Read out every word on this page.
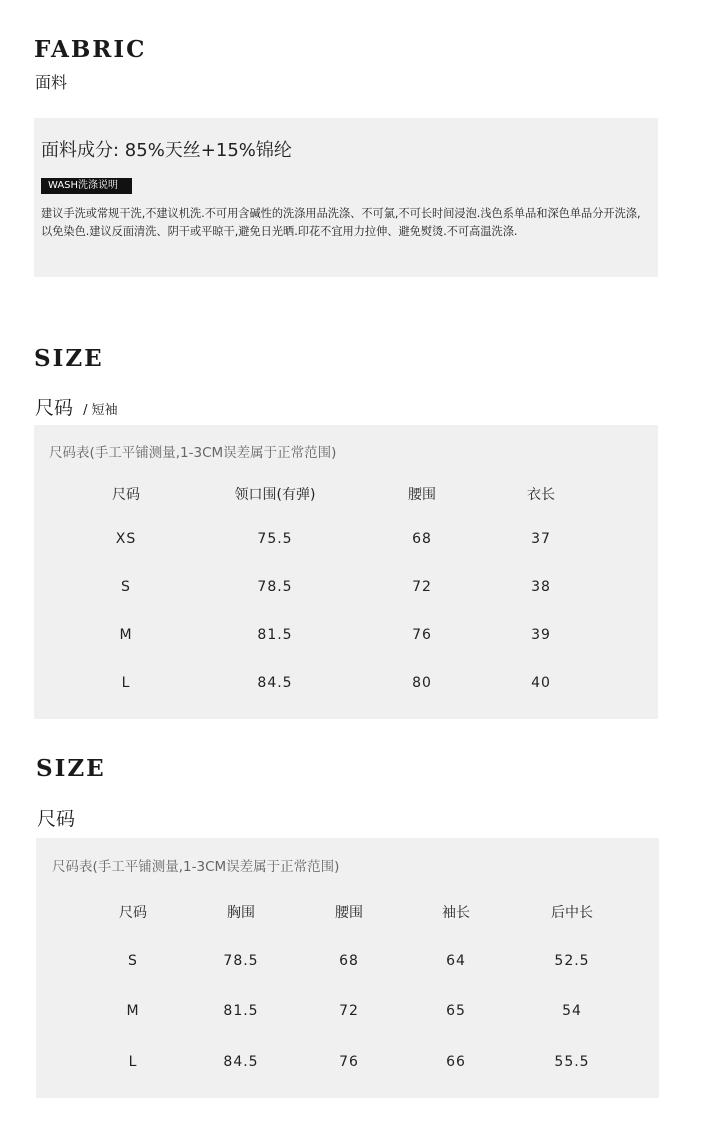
FABRIC
面料
面料成分: 85%天丝+15%锦纶
WASH洗涤说明
建议手洗或常规干洗,不建议机洗.不可用含碱性的洗涤用品洗涤、不可氯,不可长时间浸泡.浅色系单品和深色单品分开洗涤,以免染色.建议反面清洗、阴干或平晾干,避免日光晒.印花不宜用力拉伸、避免熨烫.不可高温洗涤.
SIZE
尺码 / 短袖
尺码表(手工平铺测量,1-3CM误差属于正常范围)
尺码	领口围(有弹)	腰围	衣长
XS	75.5	68	37
S	78.5	72	38
M	81.5	76	39
L	84.5	80	40
SIZE
尺码
尺码表(手工平铺测量,1-3CM误差属于正常范围)
尺码	胸围	腰围	袖长	后中长
S	78.5	68	64	52.5
M	81.5	72	65	54
L	84.5	76	66	55.5
